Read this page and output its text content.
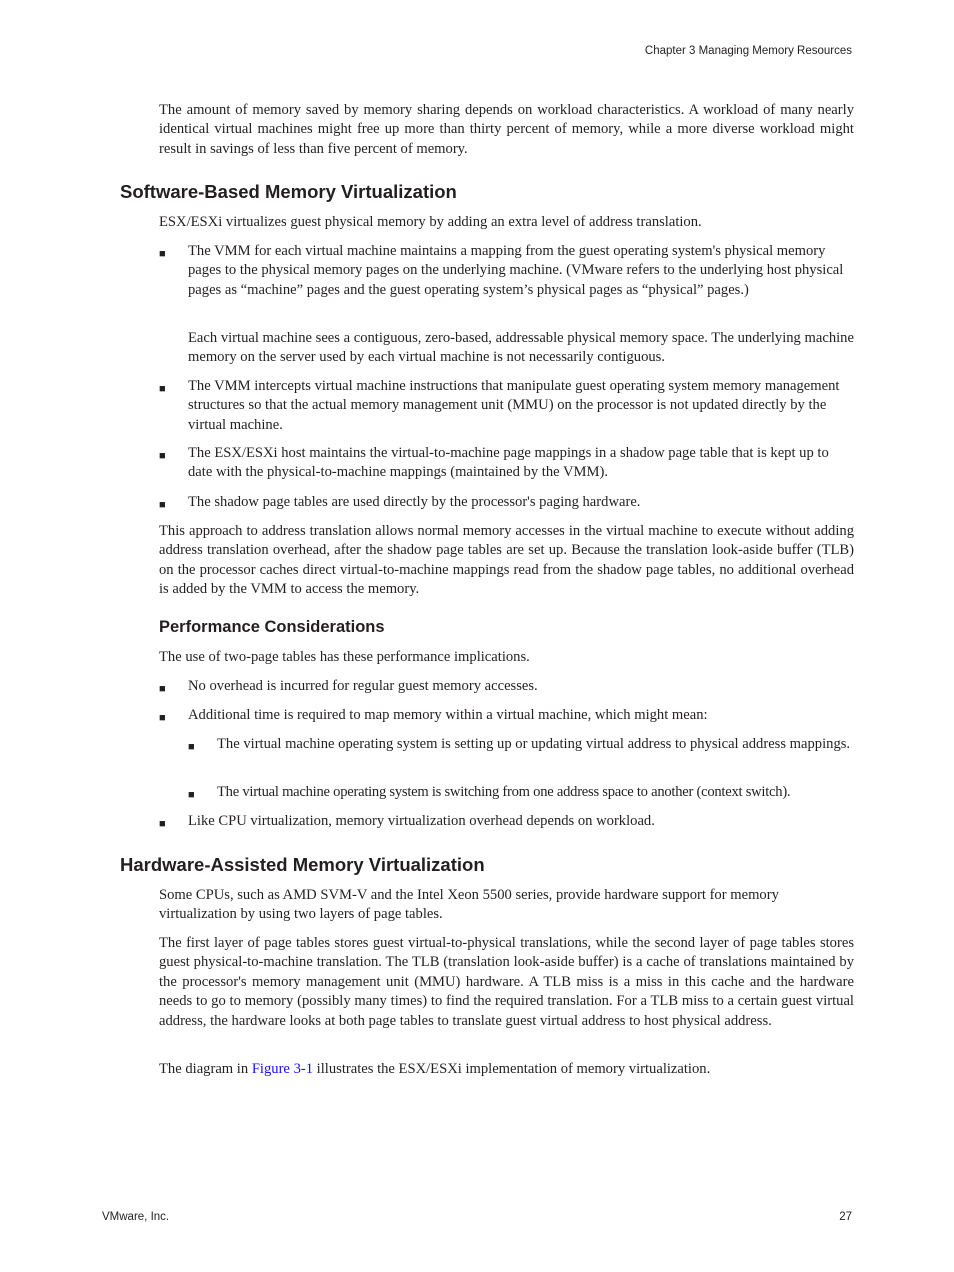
Chapter 3 Managing Memory Resources
The amount of memory saved by memory sharing depends on workload characteristics. A workload of many nearly identical virtual machines might free up more than thirty percent of memory, while a more diverse workload might result in savings of less than five percent of memory.
Software-Based Memory Virtualization
ESX/ESXi virtualizes guest physical memory by adding an extra level of address translation.
■ The VMM for each virtual machine maintains a mapping from the guest operating system's physical memory pages to the physical memory pages on the underlying machine. (VMware refers to the underlying host physical pages as “machine” pages and the guest operating system’s physical pages as “physical” pages.)
Each virtual machine sees a contiguous, zero-based, addressable physical memory space. The underlying machine memory on the server used by each virtual machine is not necessarily contiguous.
■ The VMM intercepts virtual machine instructions that manipulate guest operating system memory management structures so that the actual memory management unit (MMU) on the processor is not updated directly by the virtual machine.
■ The ESX/ESXi host maintains the virtual-to-machine page mappings in a shadow page table that is kept up to date with the physical-to-machine mappings (maintained by the VMM).
■ The shadow page tables are used directly by the processor's paging hardware.
This approach to address translation allows normal memory accesses in the virtual machine to execute without adding address translation overhead, after the shadow page tables are set up. Because the translation look-aside buffer (TLB) on the processor caches direct virtual-to-machine mappings read from the shadow page tables, no additional overhead is added by the VMM to access the memory.
Performance Considerations
The use of two-page tables has these performance implications.
■ No overhead is incurred for regular guest memory accesses.
■ Additional time is required to map memory within a virtual machine, which might mean:
■ The virtual machine operating system is setting up or updating virtual address to physical address mappings.
■ The virtual machine operating system is switching from one address space to another (context switch).
■ Like CPU virtualization, memory virtualization overhead depends on workload.
Hardware-Assisted Memory Virtualization
Some CPUs, such as AMD SVM-V and the Intel Xeon 5500 series, provide hardware support for memory virtualization by using two layers of page tables.
The first layer of page tables stores guest virtual-to-physical translations, while the second layer of page tables stores guest physical-to-machine translation. The TLB (translation look-aside buffer) is a cache of translations maintained by the processor's memory management unit (MMU) hardware. A TLB miss is a miss in this cache and the hardware needs to go to memory (possibly many times) to find the required translation. For a TLB miss to a certain guest virtual address, the hardware looks at both page tables to translate guest virtual address to host physical address.
The diagram in Figure 3-1 illustrates the ESX/ESXi implementation of memory virtualization.
VMware, Inc.	27
